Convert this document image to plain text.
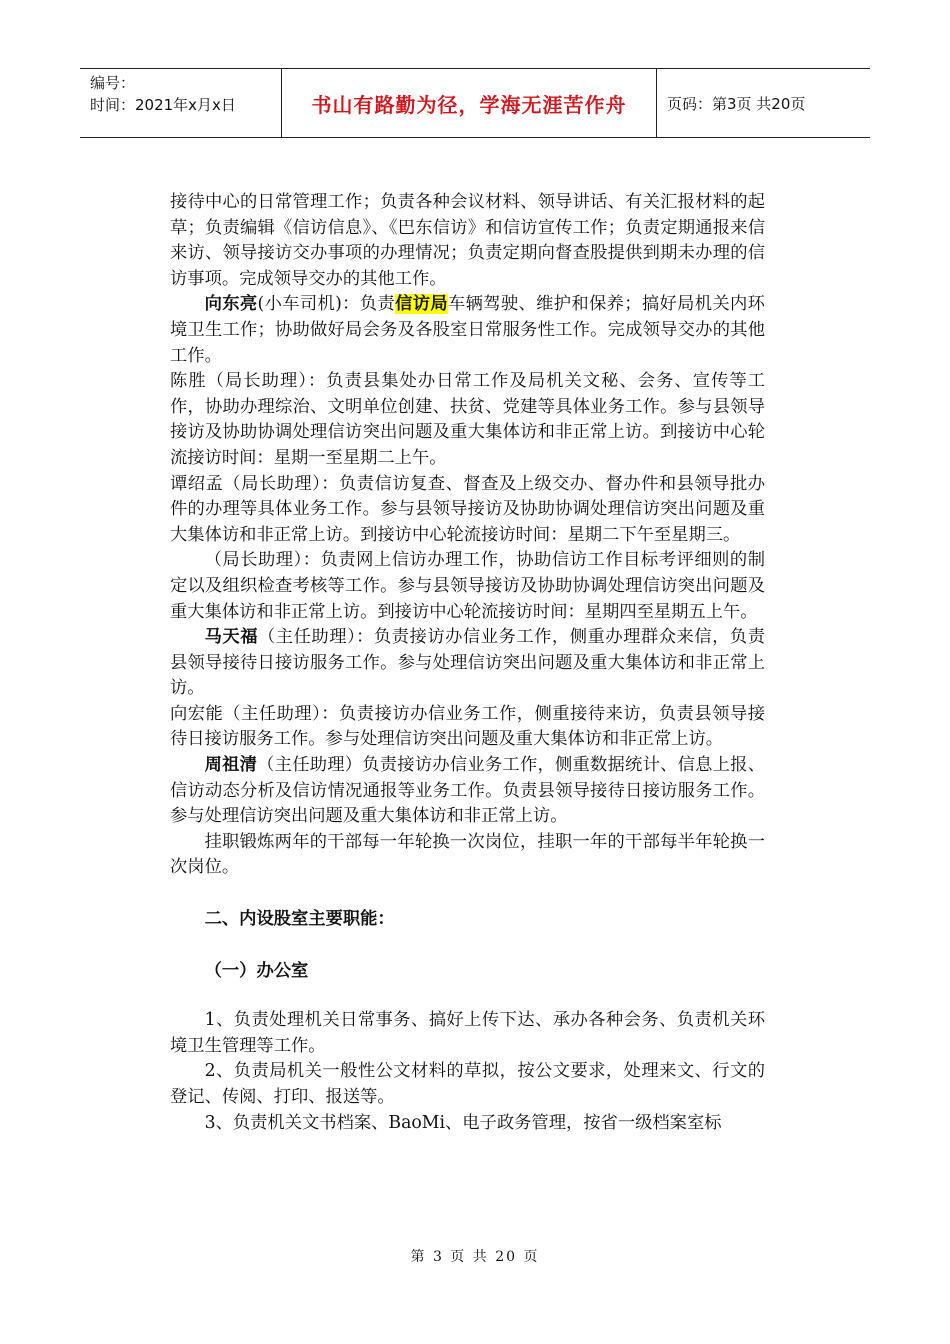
编号：
时间：2021年x月x日	书山有路勤为径，学海无涯苦作舟	页码：第3页 共20页

接待中心的日常管理工作；负责各种会议材料、领导讲话、有关汇报材料的起草；负责编辑《信访信息》、《巴东信访》和信访宣传工作；负责定期通报来信来访、领导接访交办事项的办理情况；负责定期向督查股提供到期未办理的信访事项。完成领导交办的其他工作。

向东亮(小车司机)：负责信访局车辆驾驶、维护和保养；搞好局机关内环境卫生工作；协助做好局会务及各股室日常服务性工作。完成领导交办的其他工作。

陈胜（局长助理）：负责县集处办日常工作及局机关文秘、会务、宣传等工作，协助办理综治、文明单位创建、扶贫、党建等具体业务工作。参与县领导接访及协助协调处理信访突出问题及重大集体访和非正常上访。到接访中心轮流接访时间：星期一至星期二上午。

谭绍孟（局长助理）：负责信访复查、督查及上级交办、督办件和县领导批办件的办理等具体业务工作。参与县领导接访及协助协调处理信访突出问题及重大集体访和非正常上访。到接访中心轮流接访时间：星期二下午至星期三。

（局长助理）：负责网上信访办理工作，协助信访工作目标考评细则的制定以及组织检查考核等工作。参与县领导接访及协助协调处理信访突出问题及重大集体访和非正常上访。到接访中心轮流接访时间：星期四至星期五上午。

马天福（主任助理）：负责接访办信业务工作，侧重办理群众来信，负责县领导接待日接访服务工作。参与处理信访突出问题及重大集体访和非正常上访。

向宏能（主任助理）：负责接访办信业务工作，侧重接待来访，负责县领导接待日接访服务工作。参与处理信访突出问题及重大集体访和非正常上访。

周祖清（主任助理）负责接访办信业务工作，侧重数据统计、信息上报、信访动态分析及信访情况通报等业务工作。负责县领导接待日接访服务工作。参与处理信访突出问题及重大集体访和非正常上访。

挂职锻炼两年的干部每一年轮换一次岗位，挂职一年的干部每半年轮换一次岗位。

二、内设股室主要职能：

（一）办公室

1、负责处理机关日常事务、搞好上传下达、承办各种会务、负责机关环境卫生管理等工作。

2、负责局机关一般性公文材料的草拟，按公文要求，处理来文、行文的登记、传阅、打印、报送等。

3、负责机关文书档案、BaoMi、电子政务管理，按省一级档案室标

第 3 页 共 20 页
